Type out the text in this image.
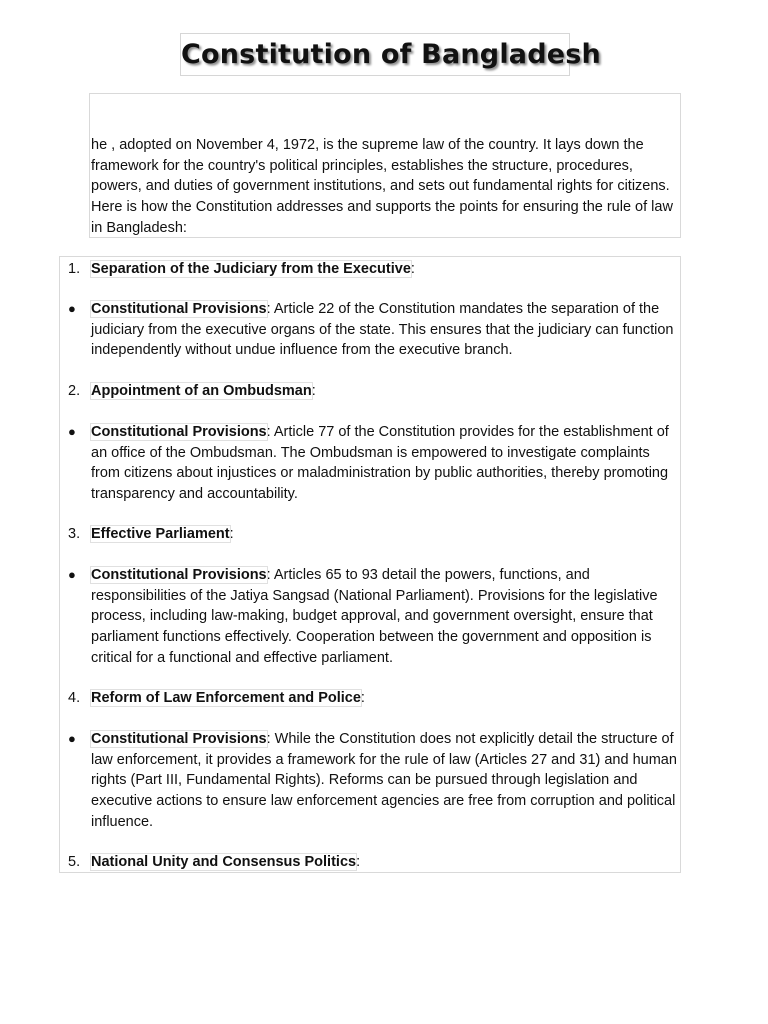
Constitution of Bangladesh

he , adopted on November 4, 1972, is the supreme law of the country. It lays down the framework for the country's political principles, establishes the structure, procedures, powers, and duties of government institutions, and sets out fundamental rights for citizens. Here is how the Constitution addresses and supports the points for ensuring the rule of law in Bangladesh:

1. Separation of the Judiciary from the Executive:
● Constitutional Provisions: Article 22 of the Constitution mandates the separation of the judiciary from the executive organs of the state. This ensures that the judiciary can function independently without undue influence from the executive branch.
2. Appointment of an Ombudsman:
● Constitutional Provisions: Article 77 of the Constitution provides for the establishment of an office of the Ombudsman. The Ombudsman is empowered to investigate complaints from citizens about injustices or maladministration by public authorities, thereby promoting transparency and accountability.
3. Effective Parliament:
● Constitutional Provisions: Articles 65 to 93 detail the powers, functions, and responsibilities of the Jatiya Sangsad (National Parliament). Provisions for the legislative process, including law-making, budget approval, and government oversight, ensure that parliament functions effectively. Cooperation between the government and opposition is critical for a functional and effective parliament.
4. Reform of Law Enforcement and Police:
● Constitutional Provisions: While the Constitution does not explicitly detail the structure of law enforcement, it provides a framework for the rule of law (Articles 27 and 31) and human rights (Part III, Fundamental Rights). Reforms can be pursued through legislation and executive actions to ensure law enforcement agencies are free from corruption and political influence.
5. National Unity and Consensus Politics:
